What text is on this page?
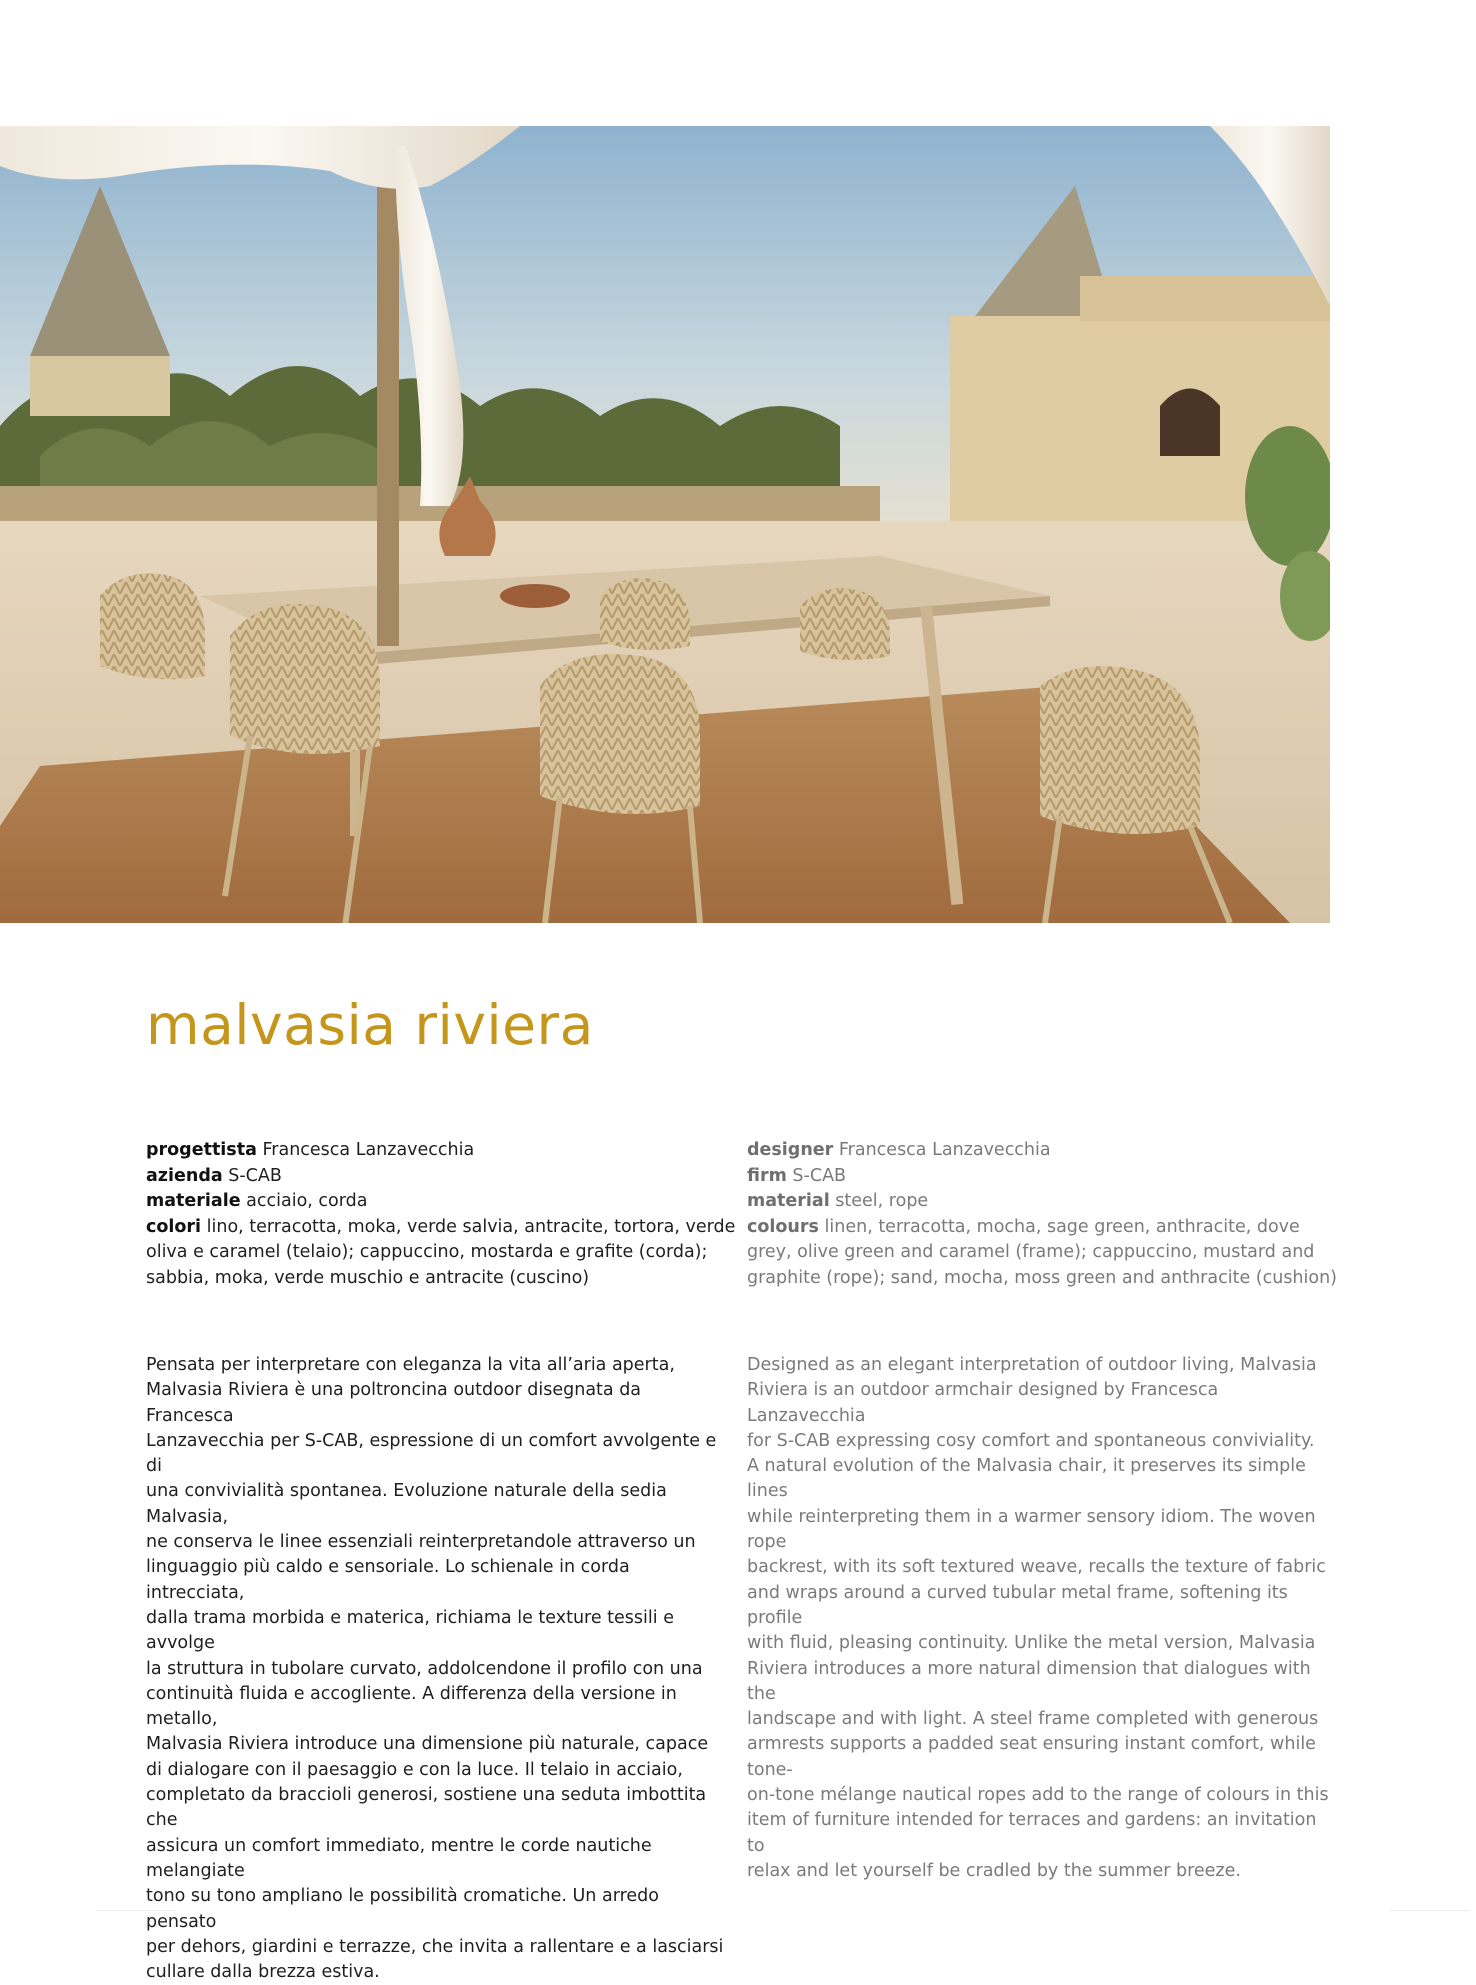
malvasia riviera

progettista Francesca Lanzavecchia

azienda S-CAB

materiale acciaio, corda

colori lino, terracotta, moka, verde salvia, antracite, tortora, verde oliva e caramel (telaio); cappuccino, mostarda e grafite (corda); sabbia, moka, verde muschio e antracite (cuscino)

designer Francesca Lanzavecchia

firm S-CAB

material steel, rope

colours linen, terracotta, mocha, sage green, anthracite, dove grey, olive green and caramel (frame); cappuccino, mustard and graphite (rope); sand, mocha, moss green and anthracite (cushion)

Pensata per interpretare con eleganza la vita all’aria aperta,
Malvasia Riviera è una poltroncina outdoor disegnata da Francesca
Lanzavecchia per S-CAB, espressione di un comfort avvolgente e di
una convivialità spontanea. Evoluzione naturale della sedia Malvasia,
ne conserva le linee essenziali reinterpretandole attraverso un
linguaggio più caldo e sensoriale. Lo schienale in corda intrecciata,
dalla trama morbida e materica, richiama le texture tessili e avvolge
la struttura in tubolare curvato, addolcendone il profilo con una
continuità fluida e accogliente. A differenza della versione in metallo,
Malvasia Riviera introduce una dimensione più naturale, capace
di dialogare con il paesaggio e con la luce. Il telaio in acciaio,
completato da braccioli generosi, sostiene una seduta imbottita che
assicura un comfort immediato, mentre le corde nautiche melangiate
tono su tono ampliano le possibilità cromatiche. Un arredo pensato
per dehors, giardini e terrazze, che invita a rallentare e a lasciarsi
cullare dalla brezza estiva.

Designed as an elegant interpretation of outdoor living, Malvasia
Riviera is an outdoor armchair designed by Francesca Lanzavecchia
for S-CAB expressing cosy comfort and spontaneous conviviality.
A natural evolution of the Malvasia chair, it preserves its simple lines
while reinterpreting them in a warmer sensory idiom. The woven rope
backrest, with its soft textured weave, recalls the texture of fabric
and wraps around a curved tubular metal frame, softening its profile
with fluid, pleasing continuity. Unlike the metal version, Malvasia
Riviera introduces a more natural dimension that dialogues with the
landscape and with light. A steel frame completed with generous
armrests supports a padded seat ensuring instant comfort, while tone-
on-tone mélange nautical ropes add to the range of colours in this
item of furniture intended for terraces and gardens: an invitation to
relax and let yourself be cradled by the summer breeze.
